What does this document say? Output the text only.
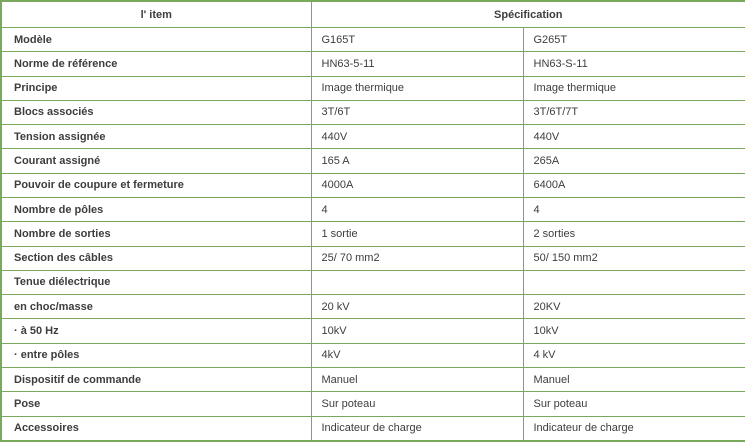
l' item	Spécification	
Modèle	G165T	G265T
Norme de référence	HN63-5-11	HN63-S-11
Principe	Image thermique	Image thermique
Blocs associés	3T/6T	3T/6T/7T
Tension assignée	440V	440V
Courant assigné	165 A	265A
Pouvoir de coupure et fermeture	4000A	6400A
Nombre de pôles	4	4
Nombre de sorties	1 sortie	2 sorties
Section des câbles	25/ 70 mm2	50/ 150 mm2
Tenue diélectrique		
en choc/masse	20 kV	20KV
· à 50 Hz	10kV	10kV
· entre pôles	4kV	4 kV
Dispositif de commande	Manuel	Manuel
Pose	Sur poteau	Sur poteau
Accessoires	Indicateur de charge	Indicateur de charge
